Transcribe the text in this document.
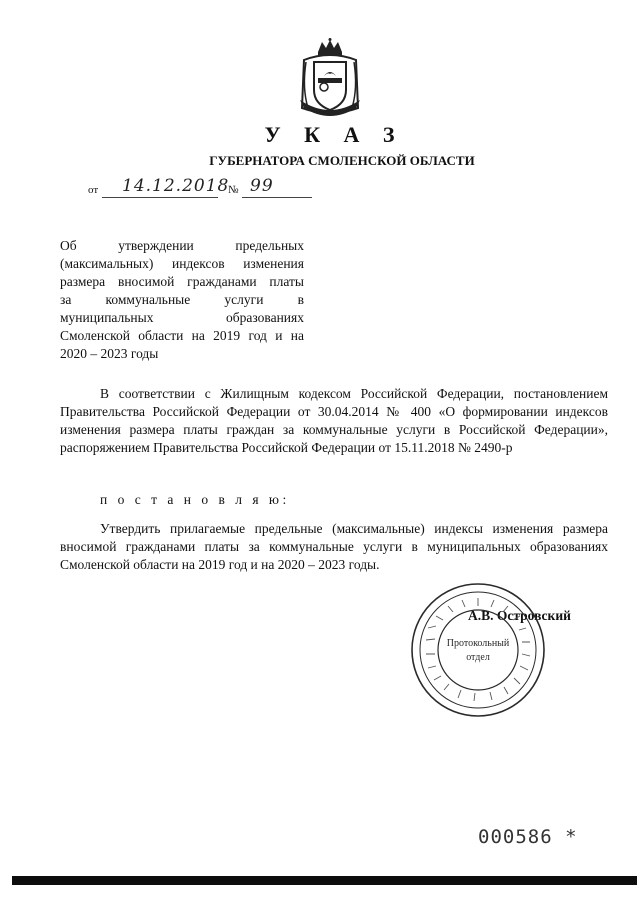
У К А З
ГУБЕРНАТОРА СМОЛЕНСКОЙ ОБЛАСТИ
от 14.12.2018
№ 99
Об утверждении предельных
(максимальных) индексов изменения
размера вносимой гражданами платы
за коммунальные услуги в
муниципальных образованиях
Смоленской области на 2019 год и на
2020 – 2023 годы
В соответствии с Жилищным кодексом Российской Федерации, постановлением Правительства Российской Федерации от 30.04.2014 № 400 «О формировании индексов изменения размера платы граждан за коммунальные услуги в Российской Федерации», распоряжением Правительства Российской Федерации от 15.11.2018 № 2490-р
п о с т а н о в л я ю:
Утвердить прилагаемые предельные (максимальные) индексы изменения размера вносимой гражданами платы за коммунальные услуги в муниципальных образованиях Смоленской области на 2019 год и на 2020 – 2023 годы.
А.В. Островский
Протокольный
отдел
000586 *
